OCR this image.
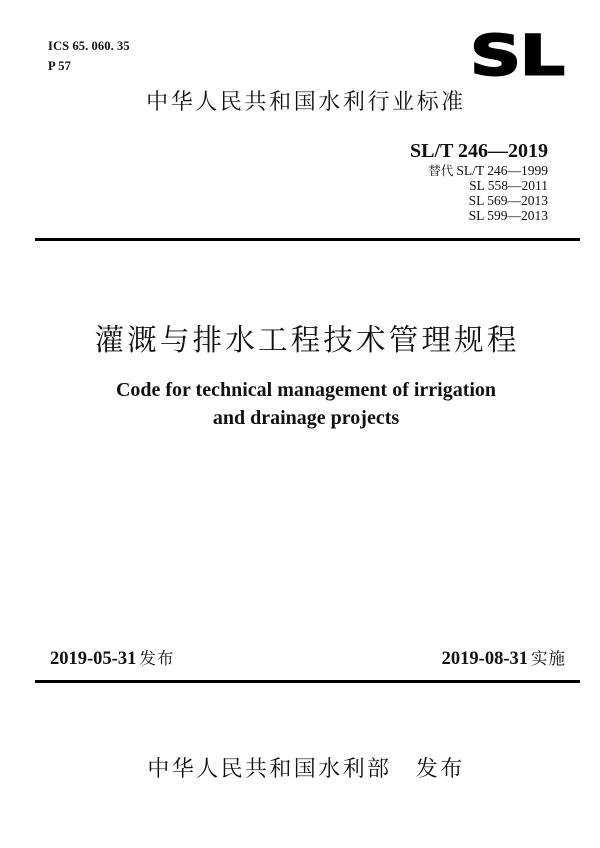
ICS 65. 060. 35
P 57	SL
中华人民共和国水利行业标准
SL/T 246—2019
替代 SL/T 246—1999
SL 558—2011
SL 569—2013
SL 599—2013
灌溉与排水工程技术管理规程
Code for technical management of irrigation
and drainage projects
2019-05-31 发布	2019-08-31 实施
中华人民共和国水利部　发布
